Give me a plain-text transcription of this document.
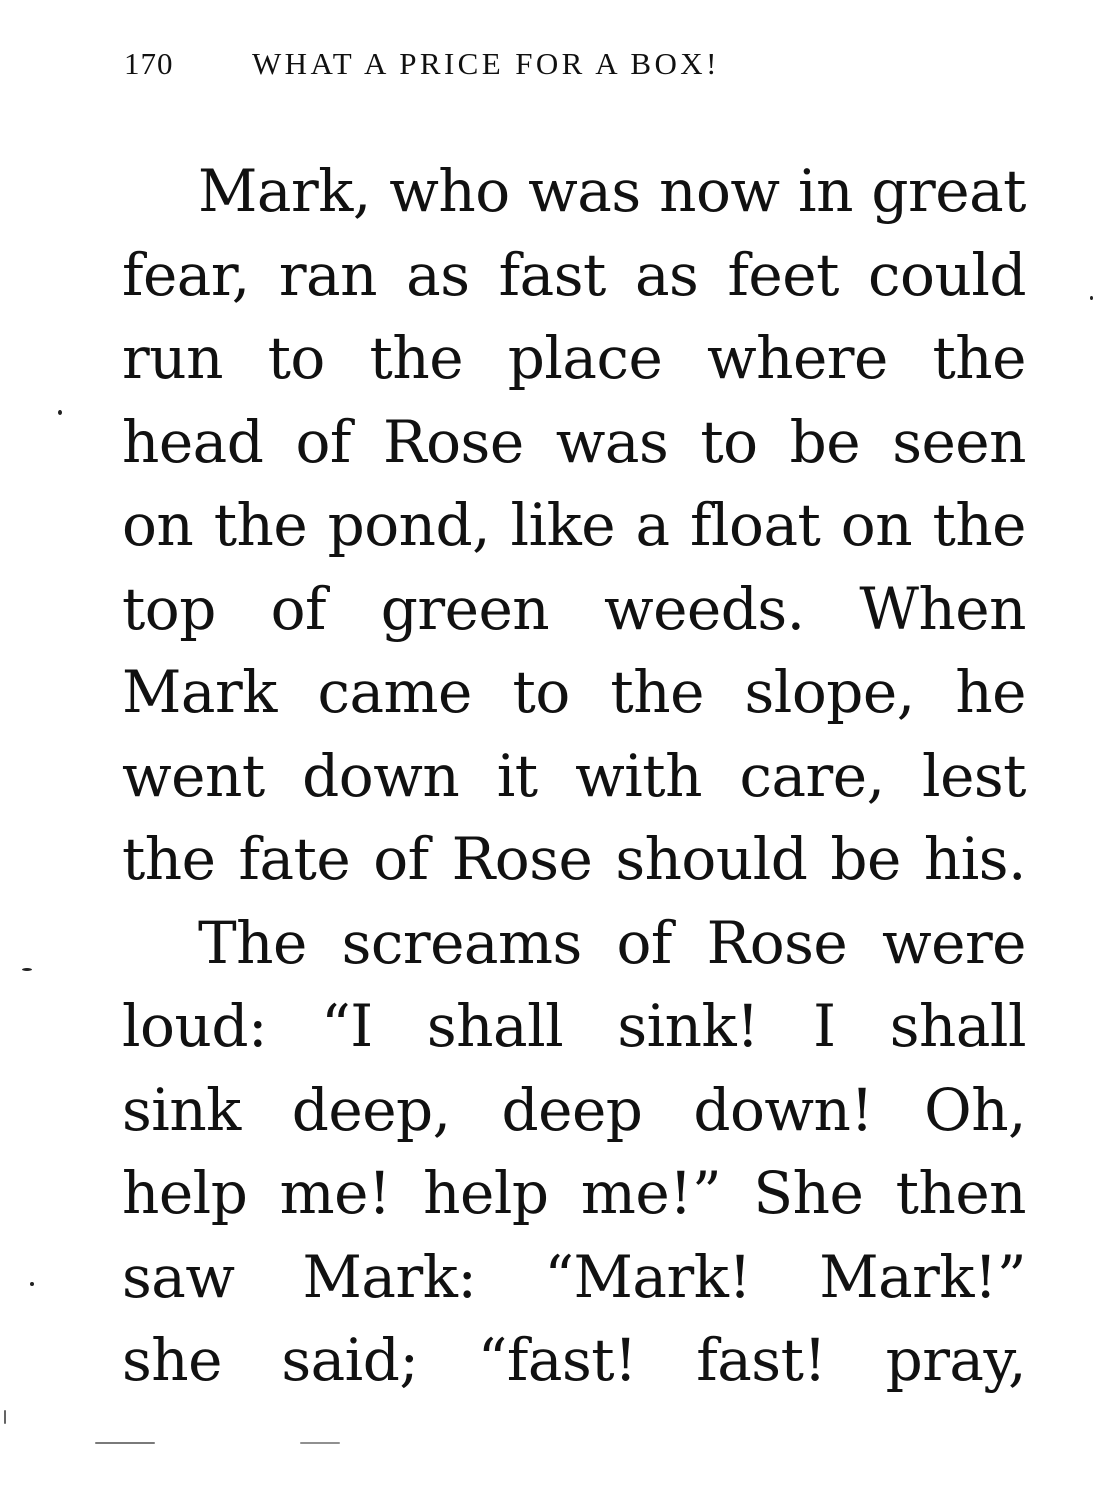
170	WHAT A PRICE FOR A BOX!
Mark, who was now in great
fear, ran as fast as feet could
run to the place where the
head of Rose was to be seen
on the pond, like a float on the
top of green weeds. When
Mark came to the slope, he
went down it with care, lest
the fate of Rose should be his.
The screams of Rose were
loud: “I shall sink! I shall
sink deep, deep down! Oh,
help me! help me!” She then
saw Mark: “Mark! Mark!”
she said; “fast! fast! pray,
